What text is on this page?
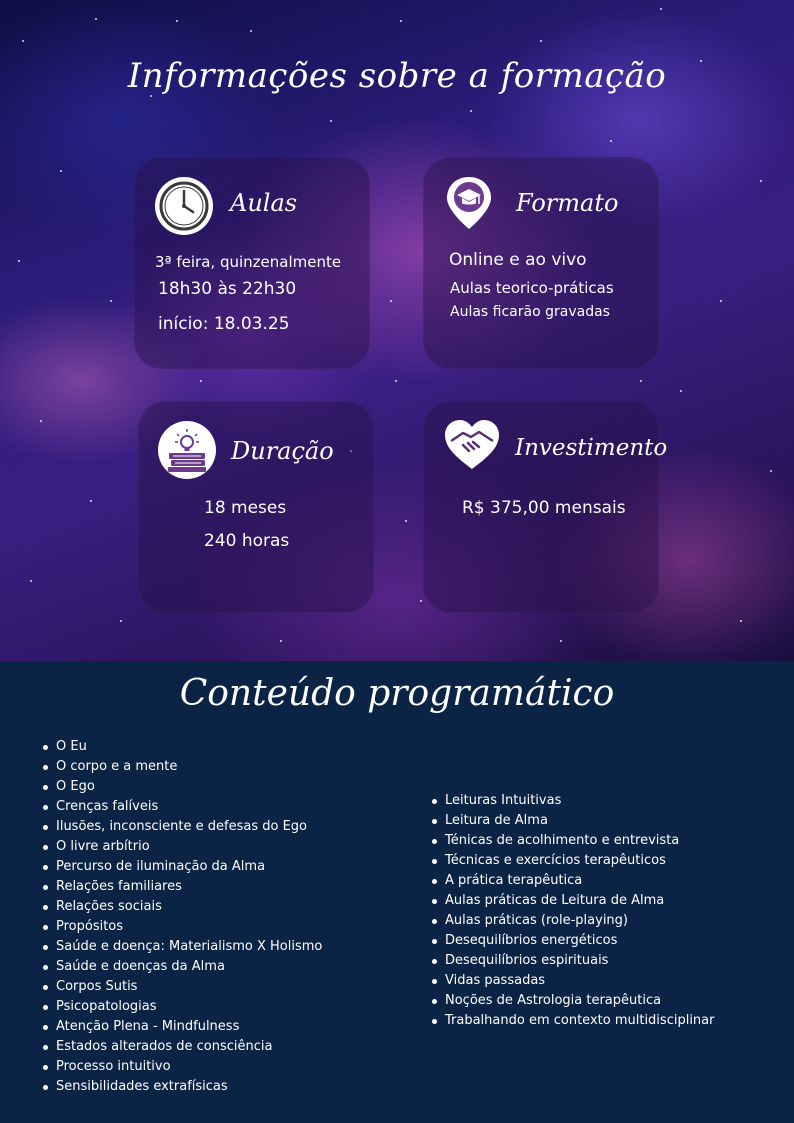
Informações sobre a formação
Aulas
3ª feira, quinzenalmente
18h30 às 22h30
início: 18.03.25
Formato
Online e ao vivo
Aulas teorico-práticas
Aulas ficarão gravadas
Duração
18 meses
240 horas
Investimento
R$ 375,00 mensais
Conteúdo programático
O Eu
O corpo e a mente
O Ego
Crenças falíveis
Ilusões, inconsciente e defesas do Ego
O livre arbítrio
Percurso de iluminação da Alma
Relações familiares
Relações sociais
Propósitos
Saúde e doença: Materialismo X Holismo
Saúde e doenças da Alma
Corpos Sutis
Psicopatologias
Atenção Plena - Mindfulness
Estados alterados de consciência
Processo intuitivo
Sensibilidades extrafísicas
Leituras Intuitivas
Leitura de Alma
Ténicas de acolhimento e entrevista
Técnicas e exercícios terapêuticos
A prática terapêutica
Aulas práticas de Leitura de Alma
Aulas práticas (role-playing)
Desequilíbrios energéticos
Desequilíbrios espirituais
Vidas passadas
Noções de Astrologia terapêutica
Trabalhando em contexto multidisciplinar
